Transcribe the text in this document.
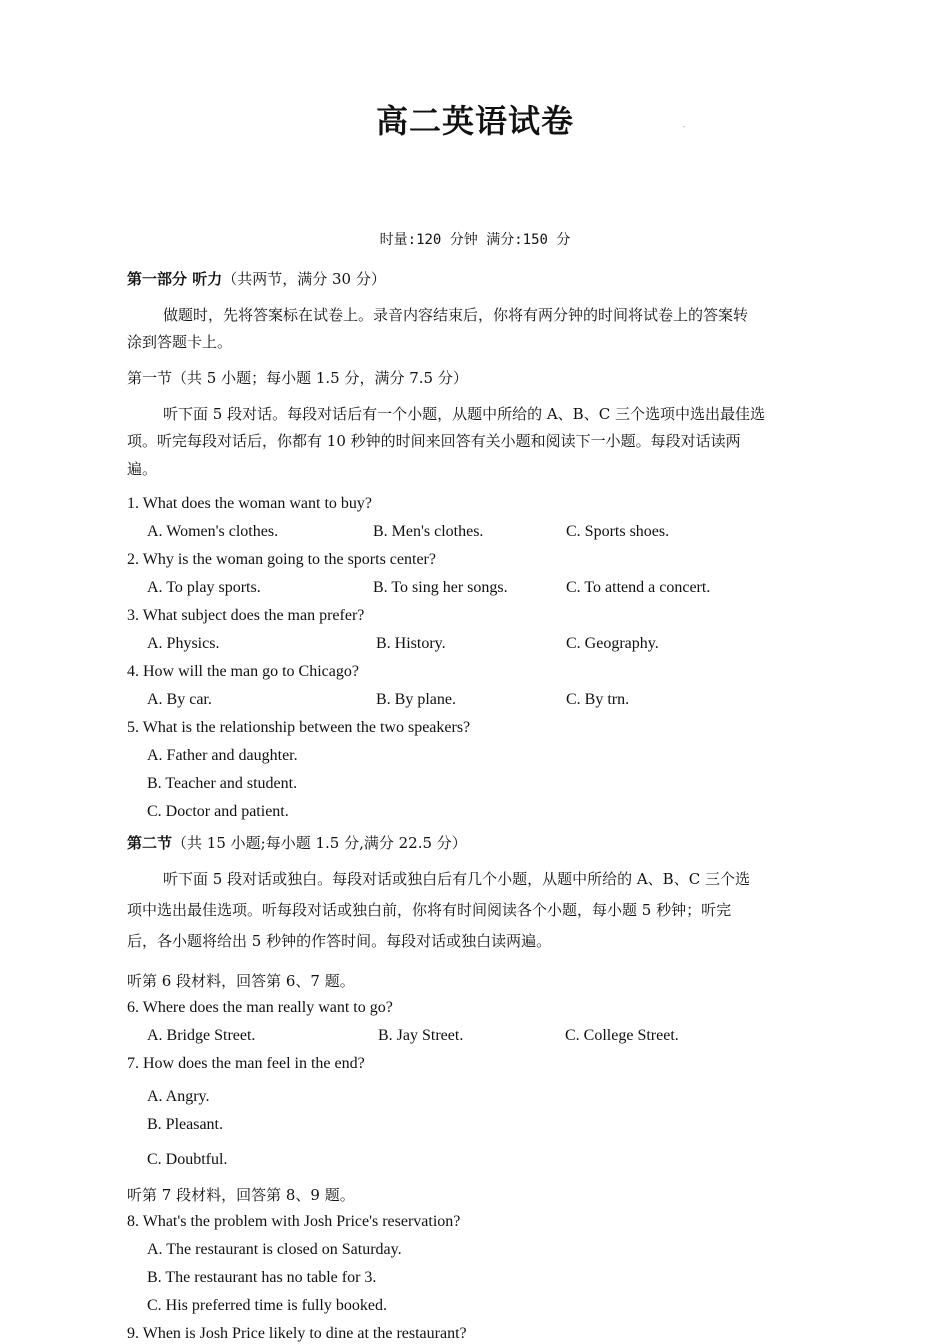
高二英语试卷	“
时量:120 分钟 满分:150 分
第一部分 听力（共两节，满分 30 分）
做题时，先将答案标在试卷上。录音内容结束后，你将有两分钟的时间将试卷上的答案转
涂到答题卡上。
第一节（共 5 小题；每小题 1.5 分，满分 7.5 分）
听下面 5 段对话。每段对话后有一个小题，从题中所给的 A、B、C 三个选项中选出最佳选
项。听完每段对话后，你都有 10 秒钟的时间来回答有关小题和阅读下一小题。每段对话读两
遍。
1. What does the woman want to buy?
A. Women's clothes.	B. Men's clothes.	C. Sports shoes.
2. Why is the woman going to the sports center?
A. To play sports.	B. To sing her songs.	C. To attend a concert.
3. What subject does the man prefer?
A. Physics.	B. History.	C. Geography.
4. How will the man go to Chicago?
A. By car.	B. By plane.	C. By trn.
5. What is the relationship between the two speakers?
A. Father and daughter.
B. Teacher and student.
C. Doctor and patient.
第二节（共 15 小题;每小题 1.5 分,满分 22.5 分）
听下面 5 段对话或独白。每段对话或独白后有几个小题，从题中所给的 A、B、C 三个选
项中选出最佳选项。听每段对话或独白前，你将有时间阅读各个小题，每小题 5 秒钟；听完
后，各小题将给出 5 秒钟的作答时间。每段对话或独白读两遍。
听第 6 段材料，回答第 6、7 题。
6. Where does the man really want to go?
A. Bridge Street.	B. Jay Street.	C. College Street.
7. How does the man feel in the end?
A. Angry.
B. Pleasant.
C. Doubtful.
听第 7 段材料，回答第 8、9 题。
8. What's the problem with Josh Price's reservation?
A. The restaurant is closed on Saturday.
B. The restaurant has no table for 3.
C. His preferred time is fully booked.
9. When is Josh Price likely to dine at the restaurant?
